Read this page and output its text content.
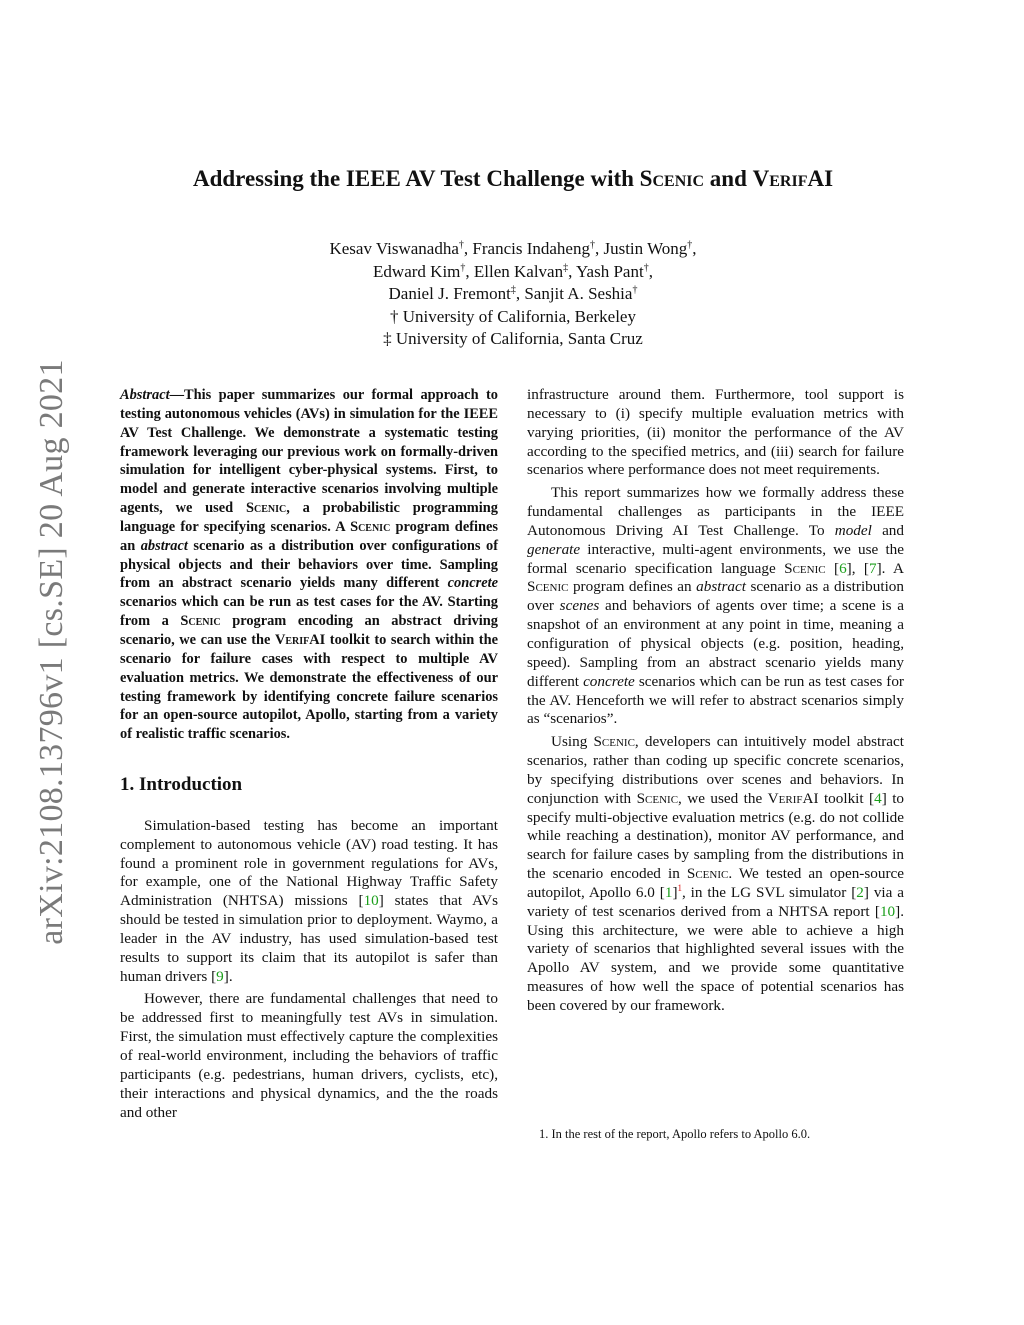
arXiv:2108.13796v1 [cs.SE] 20 Aug 2021
Addressing the IEEE AV Test Challenge with Scenic and VerifAI
Kesav Viswanadha†, Francis Indaheng†, Justin Wong†,
Edward Kim†, Ellen Kalvan‡, Yash Pant†,
Daniel J. Fremont‡, Sanjit A. Seshia†
† University of California, Berkeley
‡ University of California, Santa Cruz

Abstract—This paper summarizes our formal approach to testing autonomous vehicles (AVs) in simulation for the IEEE AV Test Challenge. We demonstrate a systematic testing framework leveraging our previous work on formally-driven simulation for intelligent cyber-physical systems. First, to model and generate interactive scenarios involving multiple agents, we used Scenic, a probabilistic programming language for specifying scenarios. A Scenic program defines an abstract scenario as a distribution over configurations of physical objects and their behaviors over time. Sampling from an abstract scenario yields many different concrete scenarios which can be run as test cases for the AV. Starting from a Scenic program encoding an abstract driving scenario, we can use the VerifAI toolkit to search within the scenario for failure cases with respect to multiple AV evaluation metrics. We demonstrate the effectiveness of our testing framework by identifying concrete failure scenarios for an open-source autopilot, Apollo, starting from a variety of realistic traffic scenarios.

1. Introduction

Simulation-based testing has become an important complement to autonomous vehicle (AV) road testing. It has found a prominent role in government regulations for AVs, for example, one of the National Highway Traffic Safety Administration (NHTSA) missions [10] states that AVs should be tested in simulation prior to deployment. Waymo, a leader in the AV industry, has used simulation-based test results to support its claim that its autopilot is safer than human drivers [9].

However, there are fundamental challenges that need to be addressed first to meaningfully test AVs in simulation. First, the simulation must effectively capture the complexities of real-world environment, including the behaviors of traffic participants (e.g. pedestrians, human drivers, cyclists, etc), their interactions and physical dynamics, and the the roads and other

infrastructure around them. Furthermore, tool support is necessary to (i) specify multiple evaluation metrics with varying priorities, (ii) monitor the performance of the AV according to the specified metrics, and (iii) search for failure scenarios where performance does not meet requirements.

This report summarizes how we formally address these fundamental challenges as participants in the IEEE Autonomous Driving AI Test Challenge. To model and generate interactive, multi-agent environments, we use the formal scenario specification language Scenic [6], [7]. A Scenic program defines an abstract scenario as a distribution over scenes and behaviors of agents over time; a scene is a snapshot of an environment at any point in time, meaning a configuration of physical objects (e.g. position, heading, speed). Sampling from an abstract scenario yields many different concrete scenarios which can be run as test cases for the AV. Henceforth we will refer to abstract scenarios simply as “scenarios”.

Using Scenic, developers can intuitively model abstract scenarios, rather than coding up specific concrete scenarios, by specifying distributions over scenes and behaviors. In conjunction with Scenic, we used the VerifAI toolkit [4] to specify multi-objective evaluation metrics (e.g. do not collide while reaching a destination), monitor AV performance, and search for failure cases by sampling from the distributions in the scenario encoded in Scenic. We tested an open-source autopilot, Apollo 6.0 [1]$^1$, in the LG SVL simulator [2] via a variety of test scenarios derived from a NHTSA report [10]. Using this architecture, we were able to achieve a high variety of scenarios that highlighted several issues with the Apollo AV system, and we provide some quantitative measures of how well the space of potential scenarios has been covered by our framework.

1. In the rest of the report, Apollo refers to Apollo 6.0.
